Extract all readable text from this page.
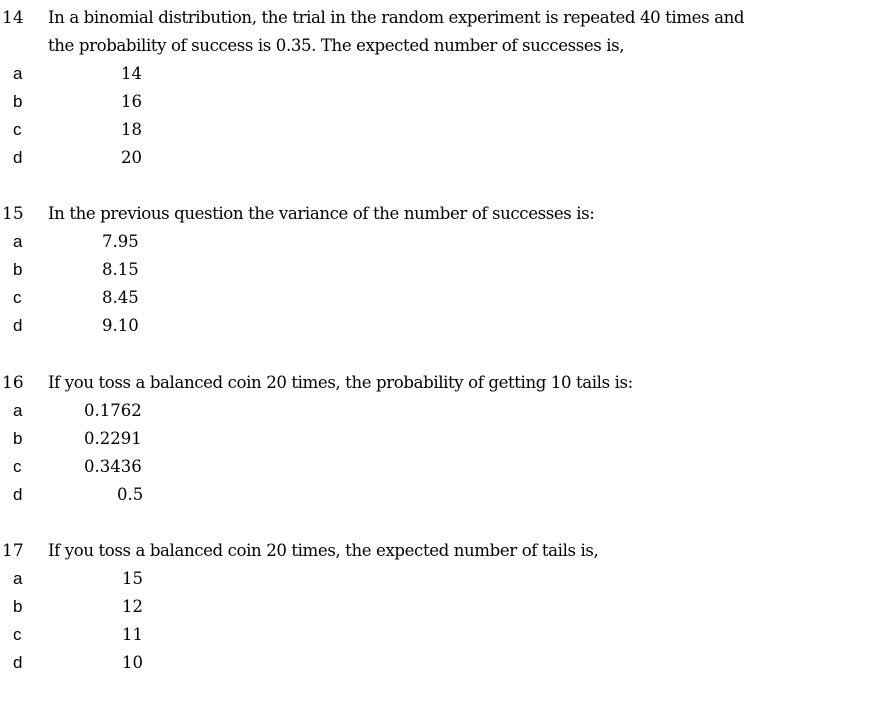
14 In a binomial distribution, the trial in the random experiment is repeated 40 times and
the probability of success is 0.35. The expected number of successes is,
a	14
b	16
c	18
d	20
15 In the previous question the variance of the number of successes is:
a	7.95
b	8.15
c	8.45
d	9.10
16 If you toss a balanced coin 20 times, the probability of getting 10 tails is:
a	0.1762
b	0.2291
c	0.3436
d	0.5
17 If you toss a balanced coin 20 times, the expected number of tails is,
a	15
b	12
c	11
d	10
